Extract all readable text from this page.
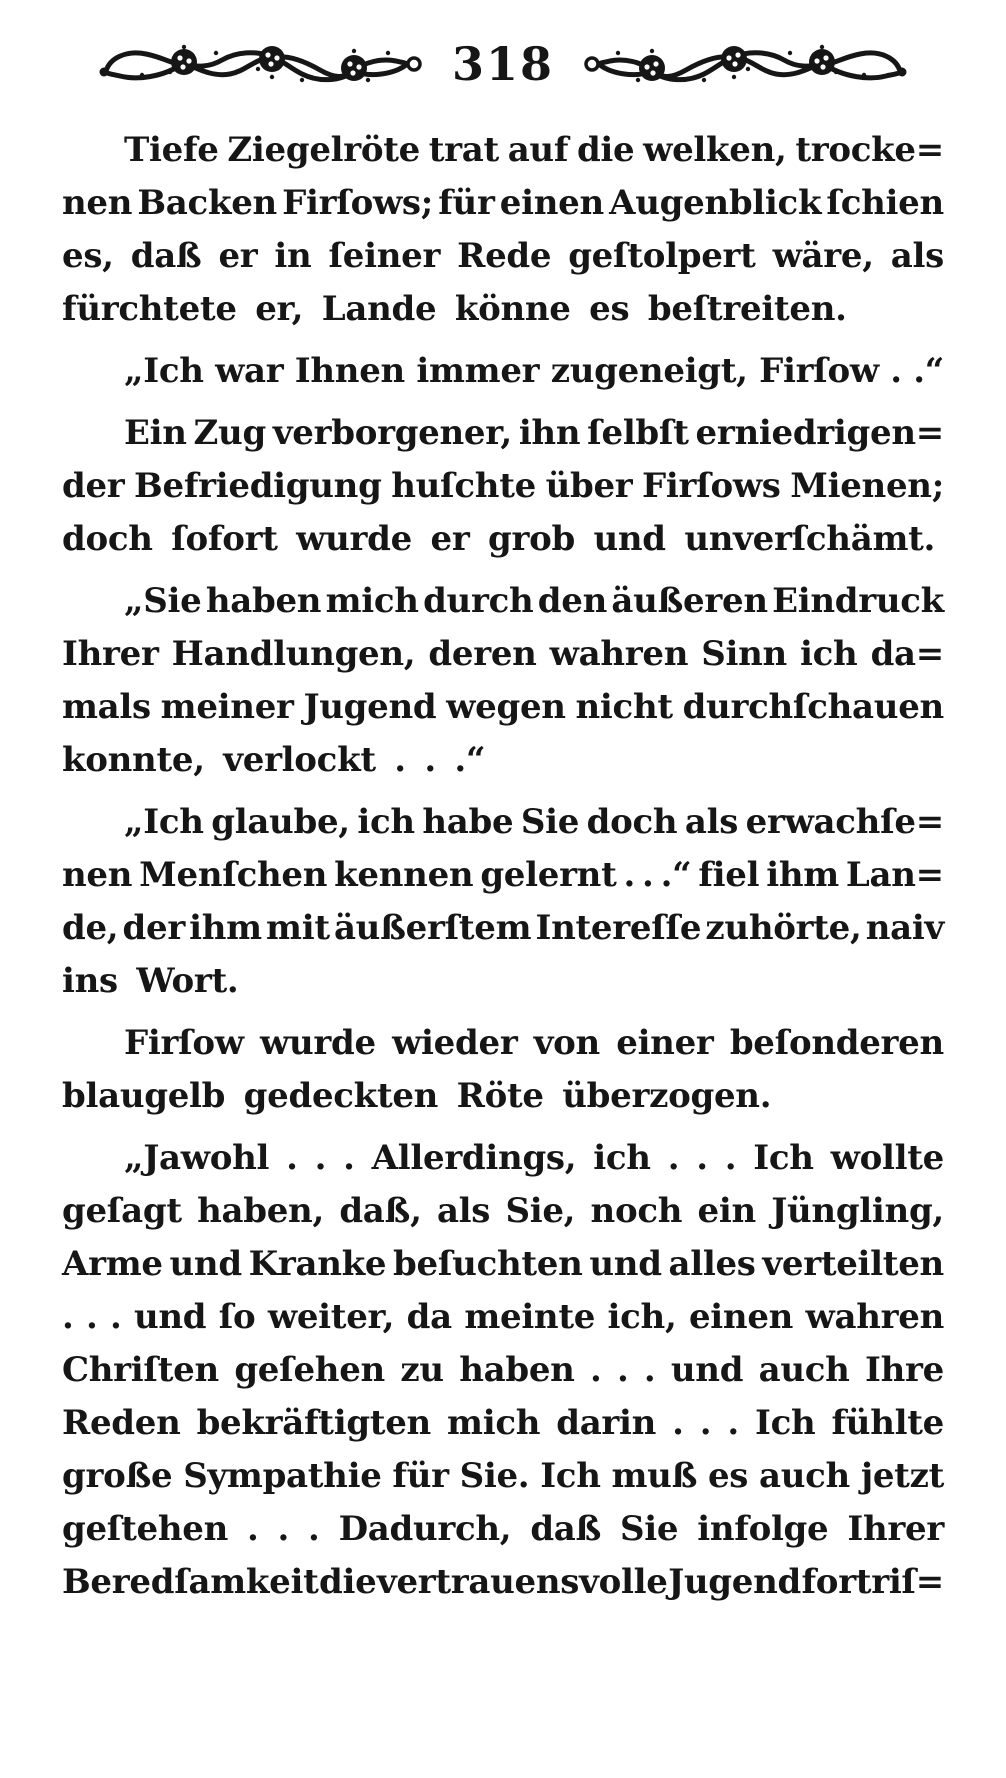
318
Tiefe Ziegelröte trat auf die welken, trocke=
nen Backen Firſows; für einen Augenblick ſchien
es, daß er in ſeiner Rede geſtolpert wäre, als
fürchtete er, Lande könne es beſtreiten.
„Ich war Ihnen immer zugeneigt, Firſow . .“
Ein Zug verborgener, ihn ſelbſt erniedrigen=
der Befriedigung huſchte über Firſows Mienen;
doch ſofort wurde er grob und unverſchämt.
„Sie haben mich durch den äußeren Eindruck
Ihrer Handlungen, deren wahren Sinn ich da=
mals meiner Jugend wegen nicht durchſchauen
konnte, verlockt . . .“
„Ich glaube, ich habe Sie doch als erwachſe=
nen Menſchen kennen gelernt . . .“ fiel ihm Lan=
de, der ihm mit äußerſtem Intereſſe zuhörte, naiv
ins Wort.
Firſow wurde wieder von einer beſonderen
blaugelb gedeckten Röte überzogen.
„Jawohl . . . Allerdings, ich . . . Ich wollte
geſagt haben, daß, als Sie, noch ein Jüngling,
Arme und Kranke beſuchten und alles verteilten
. . . und ſo weiter, da meinte ich, einen wahren
Chriſten geſehen zu haben . . . und auch Ihre
Reden bekräftigten mich darin . . . Ich fühlte
große Sympathie für Sie. Ich muß es auch jetzt
geſtehen . . . Dadurch, daß Sie infolge Ihrer
Beredſamkeit die vertrauensvolle Jugend fortriſ=
